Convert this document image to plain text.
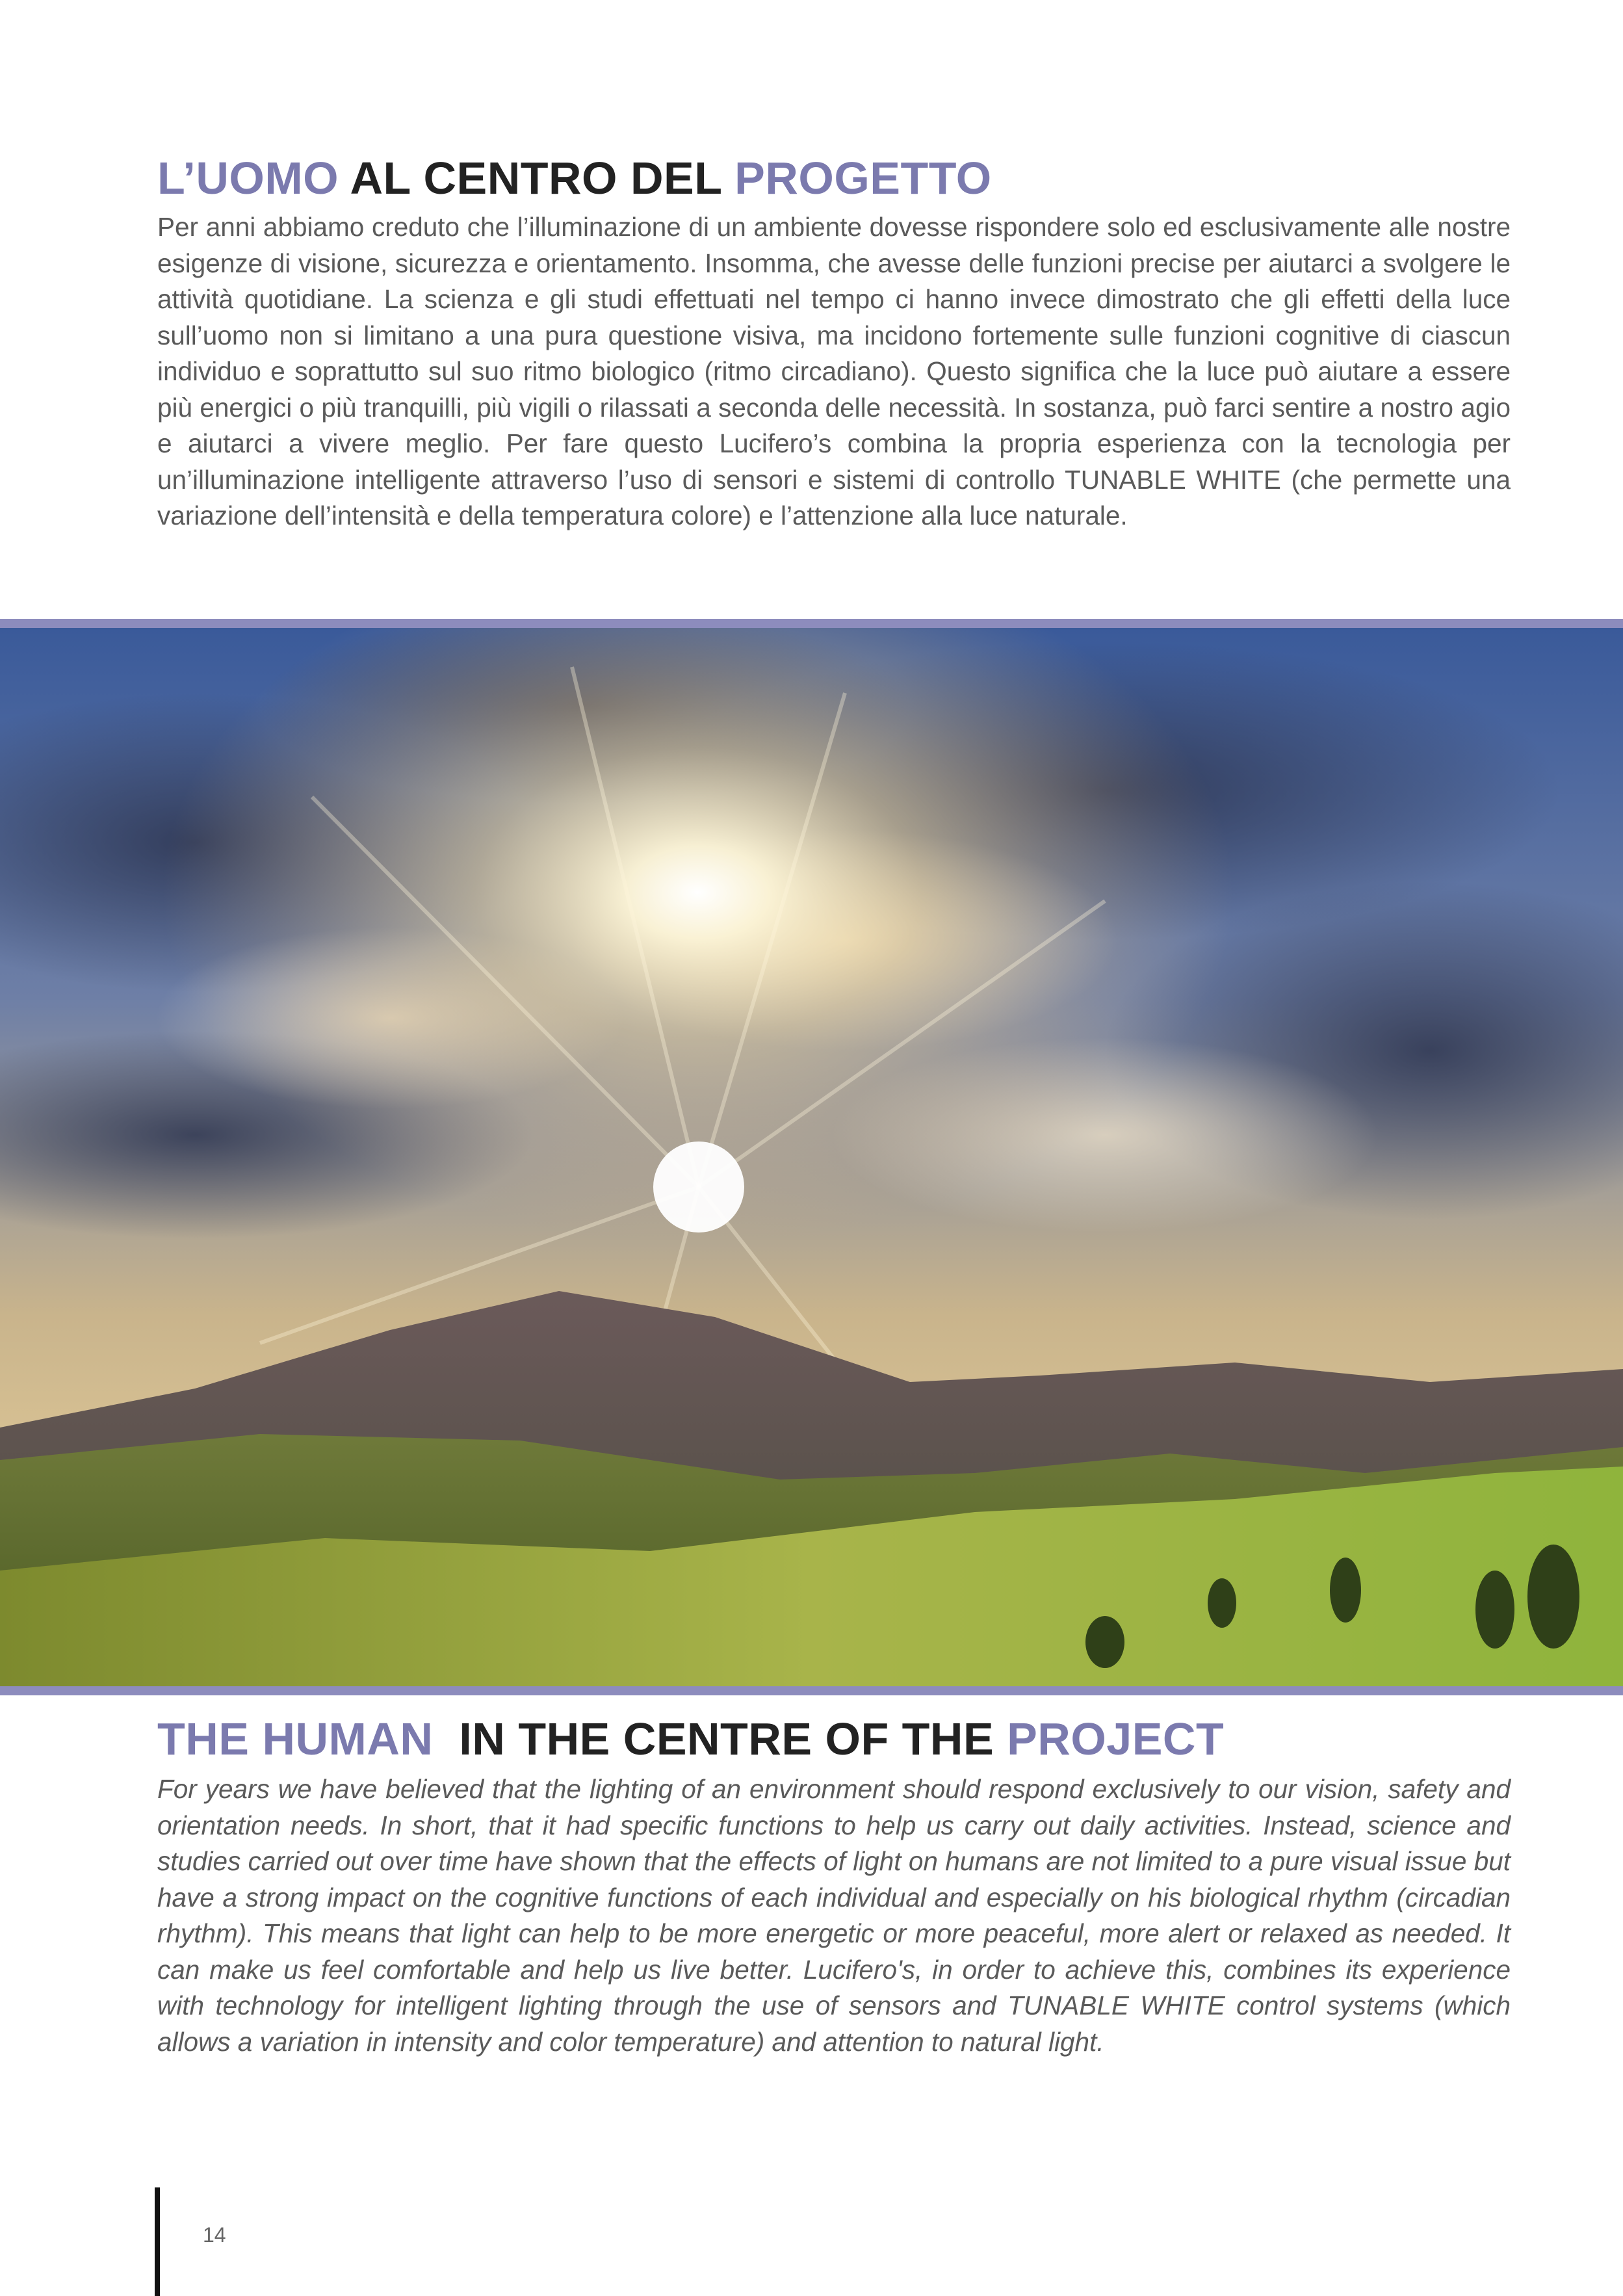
L’UOMO AL CENTRO DEL PROGETTO

Per anni abbiamo creduto che l’illuminazione di un ambiente dovesse rispondere solo ed esclusivamente alle nostre esigenze di visione, sicurezza e orientamento. Insomma, che avesse delle funzioni precise per aiutarci a svolgere le attività quotidiane. La scienza e gli studi effettuati nel tempo ci hanno invece dimostrato che gli effetti della luce sull’uomo non si limitano a una pura questione visiva, ma incidono fortemente sulle funzioni cognitive di ciascun individuo e soprattutto sul suo ritmo biologico (ritmo circadiano). Questo significa che la luce può aiutare a essere più energici o più tranquilli, più vigili o rilassati a seconda delle necessità. In sostanza, può farci sentire a nostro agio e aiutarci a vivere meglio. Per fare questo Lucifero’s combina la propria esperienza con la tecnologia per un’illuminazione intelligente attraverso l’uso di sensori e sistemi di controllo TUNABLE WHITE (che permette una variazione dell’intensità e della temperatura colore) e l’attenzione alla luce naturale.

THE HUMAN  IN THE CENTRE OF THE PROJECT

For years we have believed that the lighting of an environment should respond exclusively to our vision, safety and orientation needs. In short, that it had specific functions to help us carry out daily activities. Instead, science and studies carried out over time have shown that the effects of light on humans are not limited to a pure visual issue but have a strong impact on the cognitive functions of each individual and especially on his biological rhythm (circadian rhythm). This means that light can help to be more energetic or more peaceful, more alert or relaxed as needed. It can make us feel comfortable and help us live better. Lucifero's, in order to achieve this, combines its experience with technology for intelligent lighting through the use of sensors and TUNABLE WHITE control systems (which allows a variation in intensity and color temperature) and attention to natural light.

14
